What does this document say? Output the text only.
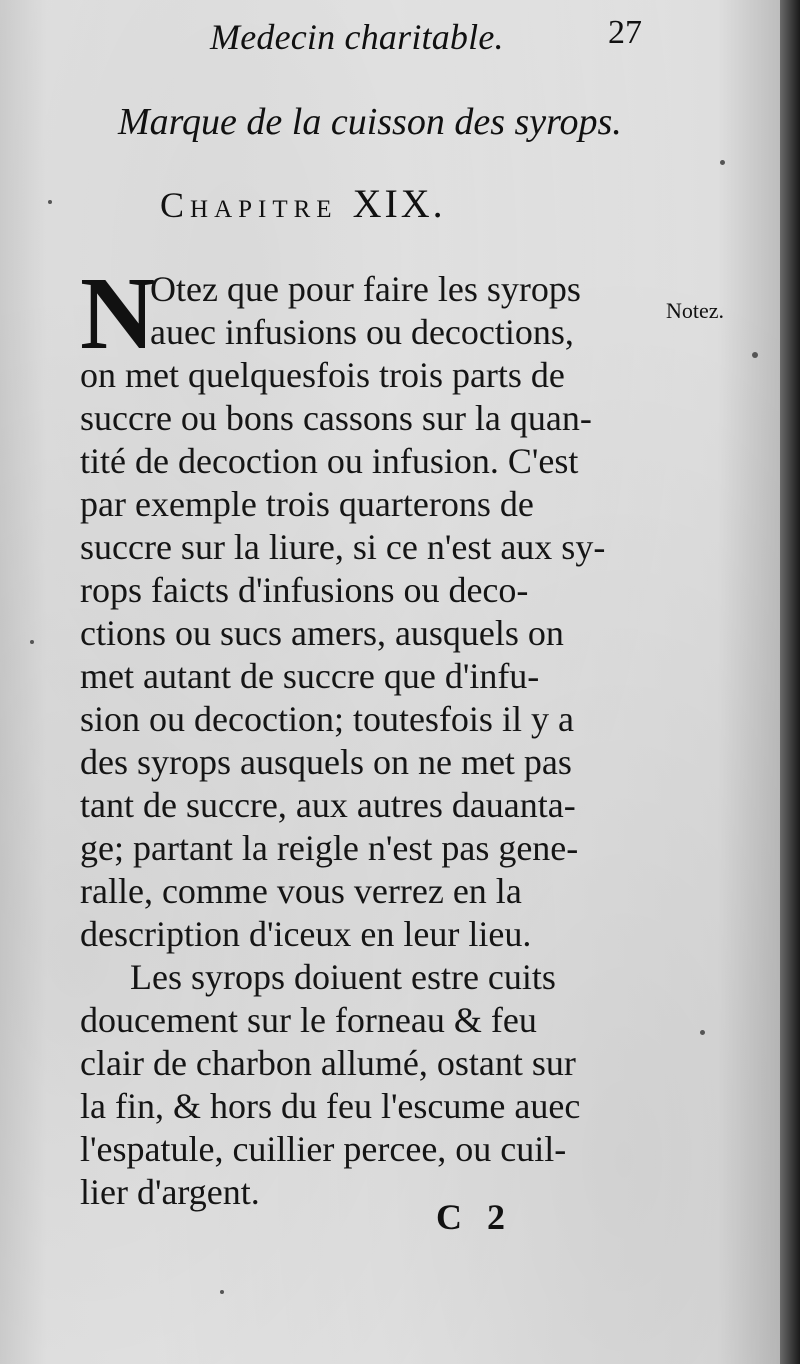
Medecin charitable.	27
Marque de la cuisson des syrops.
Chapitre XIX.
Notez.
N
Otez que pour faire les syrops
auec infusions ou decoctions,
on met quelquesfois trois parts de
succre ou bons cassons sur la quan-
tité de decoction ou infusion. C'est
par exemple trois quarterons de
succre sur la liure, si ce n'est aux sy-
rops faicts d'infusions ou deco-
ctions ou sucs amers, ausquels on
met autant de succre que d'infu-
sion ou decoction; toutesfois il y a
des syrops ausquels on ne met pas
tant de succre, aux autres dauanta-
ge; partant la reigle n'est pas gene-
ralle, comme vous verrez en la
description d'iceux en leur lieu.
Les syrops doiuent estre cuits
doucement sur le forneau & feu
clair de charbon allumé, ostant sur
la fin, & hors du feu l'escume auec
l'espatule, cuillier percee, ou cuil-
lier d'argent.
C 2
